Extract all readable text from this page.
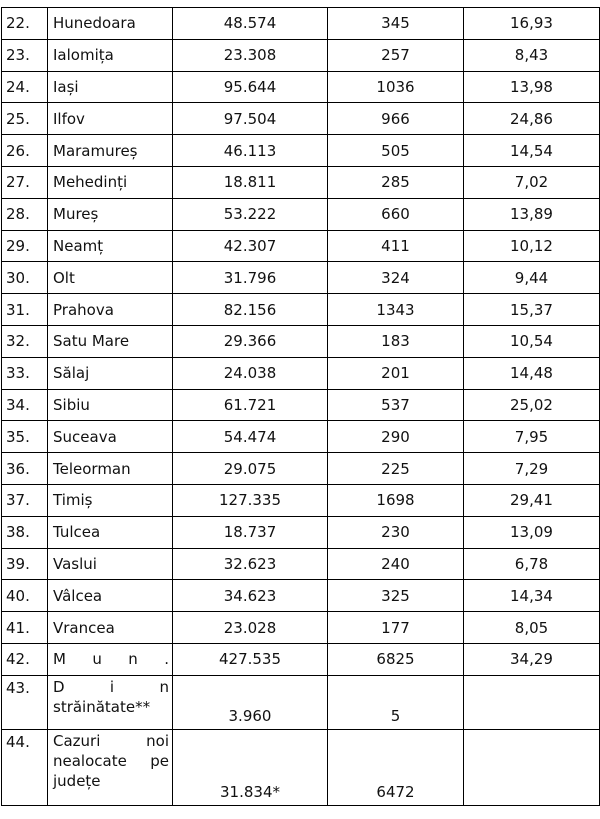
22.	Hunedoara	48.574	345	16,93
23.	Ialomița	23.308	257	8,43
24.	Iași	95.644	1036	13,98
25.	Ilfov	97.504	966	24,86
26.	Maramureș	46.113	505	14,54
27.	Mehedinți	18.811	285	7,02
28.	Mureș	53.222	660	13,89
29.	Neamț	42.307	411	10,12
30.	Olt	31.796	324	9,44
31.	Prahova	82.156	1343	15,37
32.	Satu Mare	29.366	183	10,54
33.	Sălaj	24.038	201	14,48
34.	Sibiu	61.721	537	25,02
35.	Suceava	54.474	290	7,95
36.	Teleorman	29.075	225	7,29
37.	Timiș	127.335	1698	29,41
38.	Tulcea	18.737	230	13,09
39.	Vaslui	32.623	240	6,78
40.	Vâlcea	34.623	325	14,34
41.	Vrancea	23.028	177	8,05
42.	M u n .	427.535	6825	34,29
43.	D i n
străinătate**	3.960	5	
44.	Cazuri noi
nealocate pe
județe	31.834*	6472	
